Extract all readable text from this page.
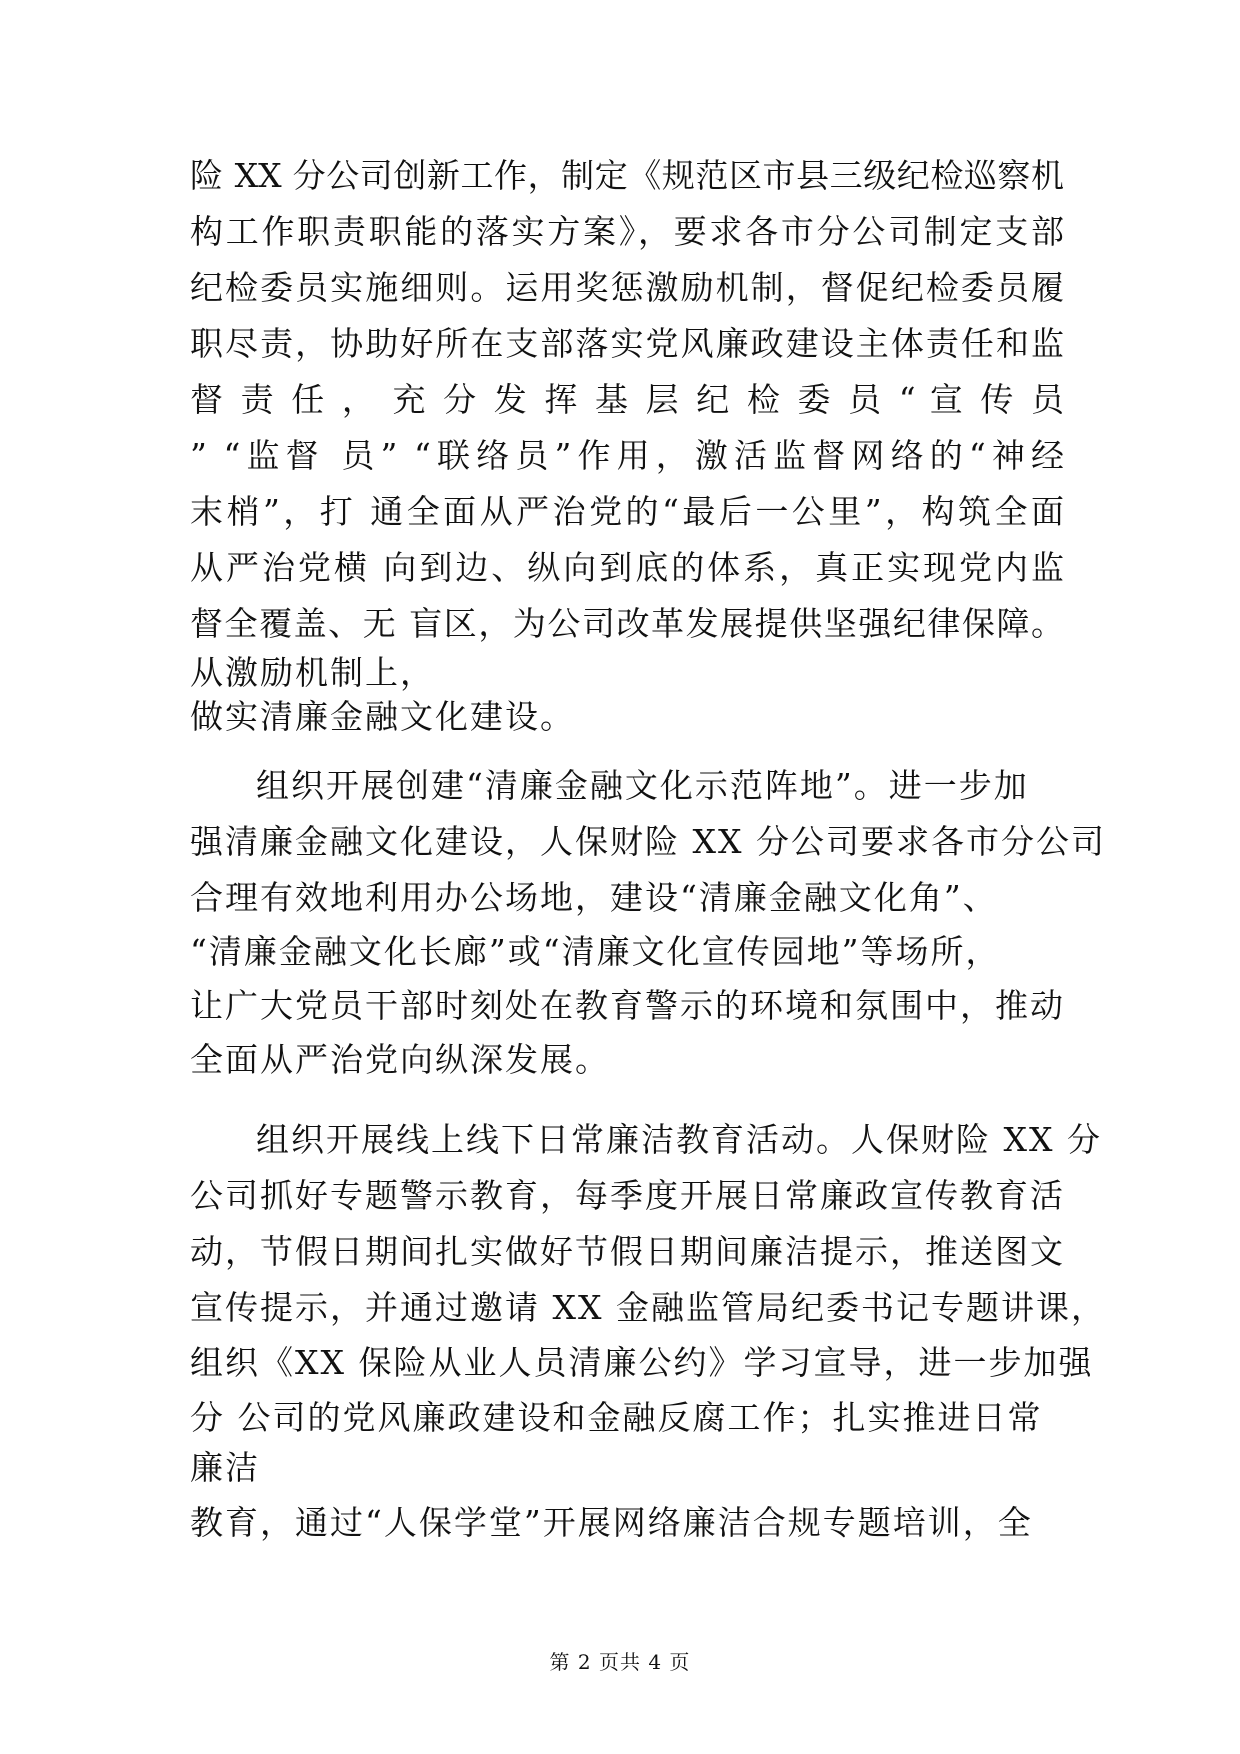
险 XX 分公司创新工作，制定《规范区市县三级纪检巡察机
构工作职责职能的落实方案》，要求各市分公司制定支部
纪检委员实施细则。运用奖惩激励机制，督促纪检委员履
职尽责，协助好所在支部落实党风廉政建设主体责任和监
督 责 任 ， 充 分 发 挥 基 层 纪 检 委 员 “ 宣 传 员
” “监督 员” “联络员”作用，激活监督网络的“神经
末梢”，打 通全面从严治党的“最后一公里”，构筑全面
从严治党横 向到边、纵向到底的体系，真正实现党内监
督全覆盖、无 盲区，为公司改革发展提供坚强纪律保障。
从激励机制上，
做实清廉金融文化建设。
组织开展创建“清廉金融文化示范阵地”。进一步加
强清廉金融文化建设，人保财险 XX 分公司要求各市分公司
合理有效地利用办公场地，建设“清廉金融文化角”、
“清廉金融文化长廊”或“清廉文化宣传园地”等场所，
让广大党员干部时刻处在教育警示的环境和氛围中，推动
全面从严治党向纵深发展。
组织开展线上线下日常廉洁教育活动。人保财险 XX 分
公司抓好专题警示教育，每季度开展日常廉政宣传教育活
动，节假日期间扎实做好节假日期间廉洁提示，推送图文
宣传提示，并通过邀请 XX 金融监管局纪委书记专题讲课，
组织《XX 保险从业人员清廉公约》学习宣导，进一步加强
分 公司的党风廉政建设和金融反腐工作；扎实推进日常
廉洁
教育，通过“人保学堂”开展网络廉洁合规专题培训，全
第 2 页共 4 页
